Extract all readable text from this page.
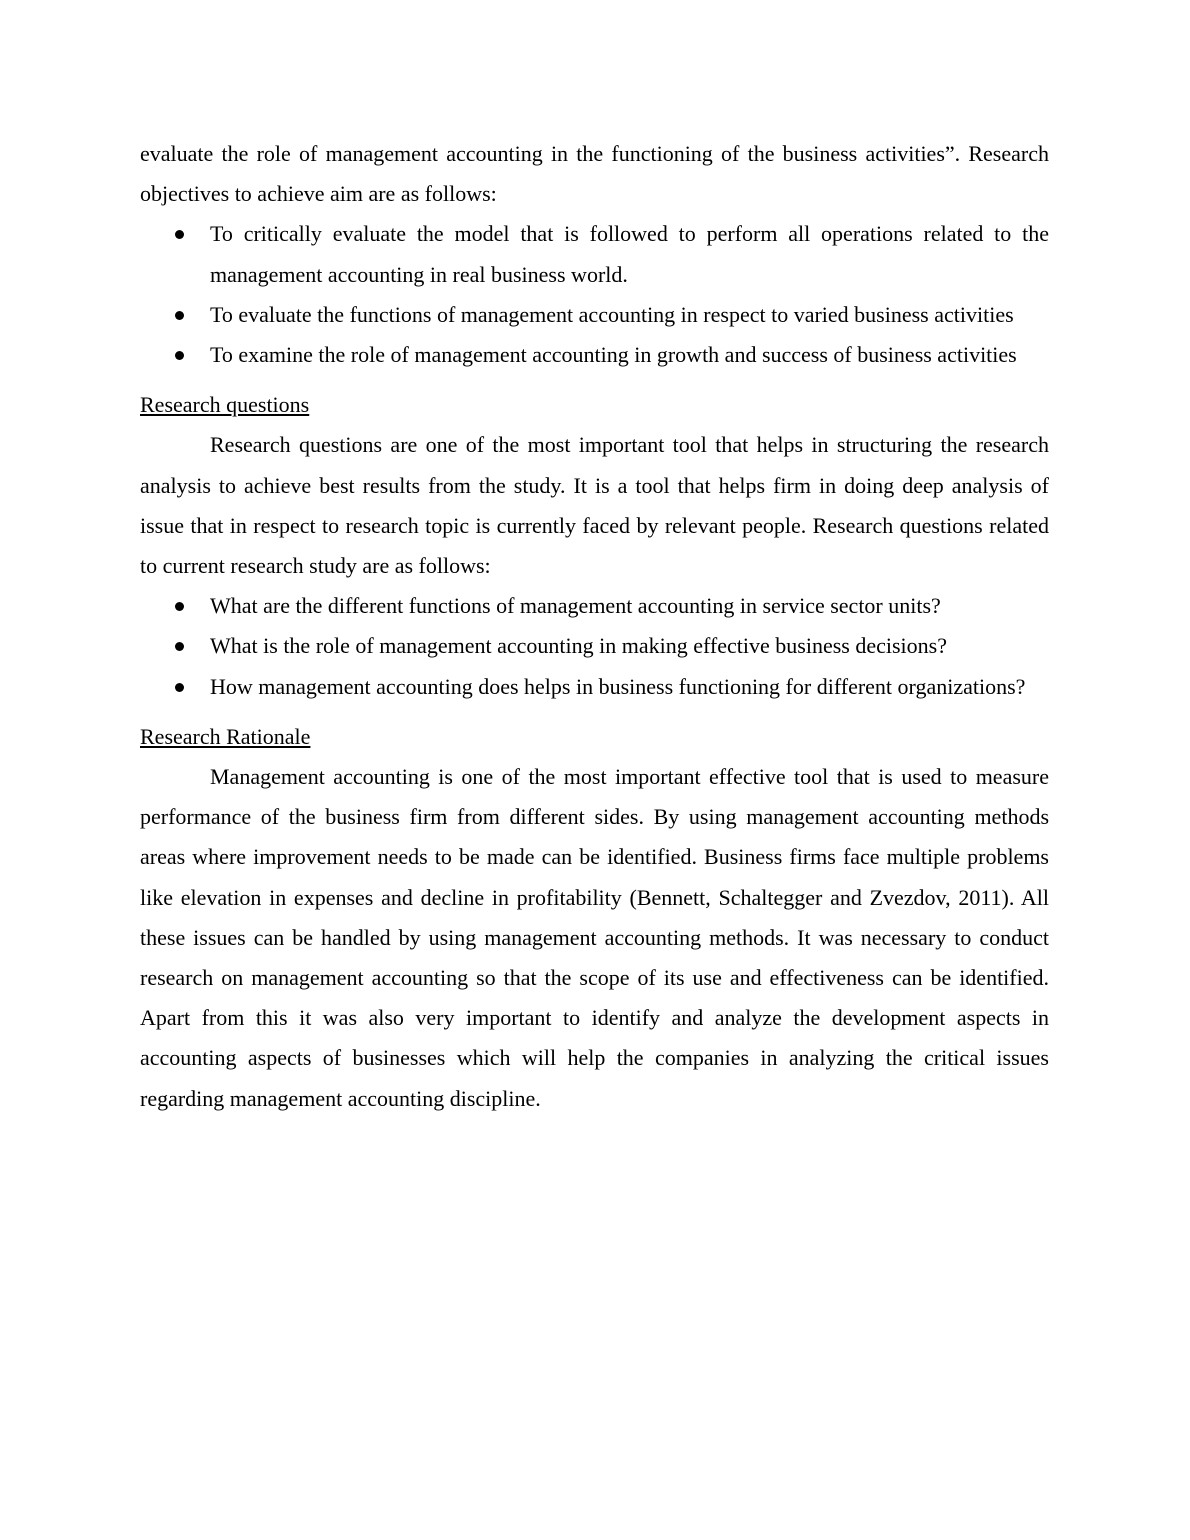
evaluate the role of management accounting in the functioning of the business activities”. Research objectives to achieve aim are as follows:

To critically evaluate the model that is followed to perform all operations related to the management accounting in real business world.
To evaluate the functions of management accounting in respect to varied business activities
To examine the role of management accounting in growth and success of business activities
Research questions

Research questions are one of the most important tool that helps in structuring the research analysis to achieve best results from the study. It is a tool that helps firm in doing deep analysis of issue that in respect to research topic is currently faced by relevant people. Research questions related to current research study are as follows:

What are the different functions of management accounting in service sector units?
What is the role of management accounting in making effective business decisions?
How management accounting does helps in business functioning for different organizations?
Research Rationale

Management accounting is one of the most important effective tool that is used to measure performance of the business firm from different sides. By using management accounting methods areas where improvement needs to be made can be identified. Business firms face multiple problems like elevation in expenses and decline in profitability (Bennett, Schaltegger and Zvezdov, 2011). All these issues can be handled by using management accounting methods. It was necessary to conduct research on management accounting so that the scope of its use and effectiveness can be identified. Apart from this it was also very important to identify and analyze the development aspects in accounting aspects of businesses which will help the companies in analyzing the critical issues regarding management accounting discipline.
